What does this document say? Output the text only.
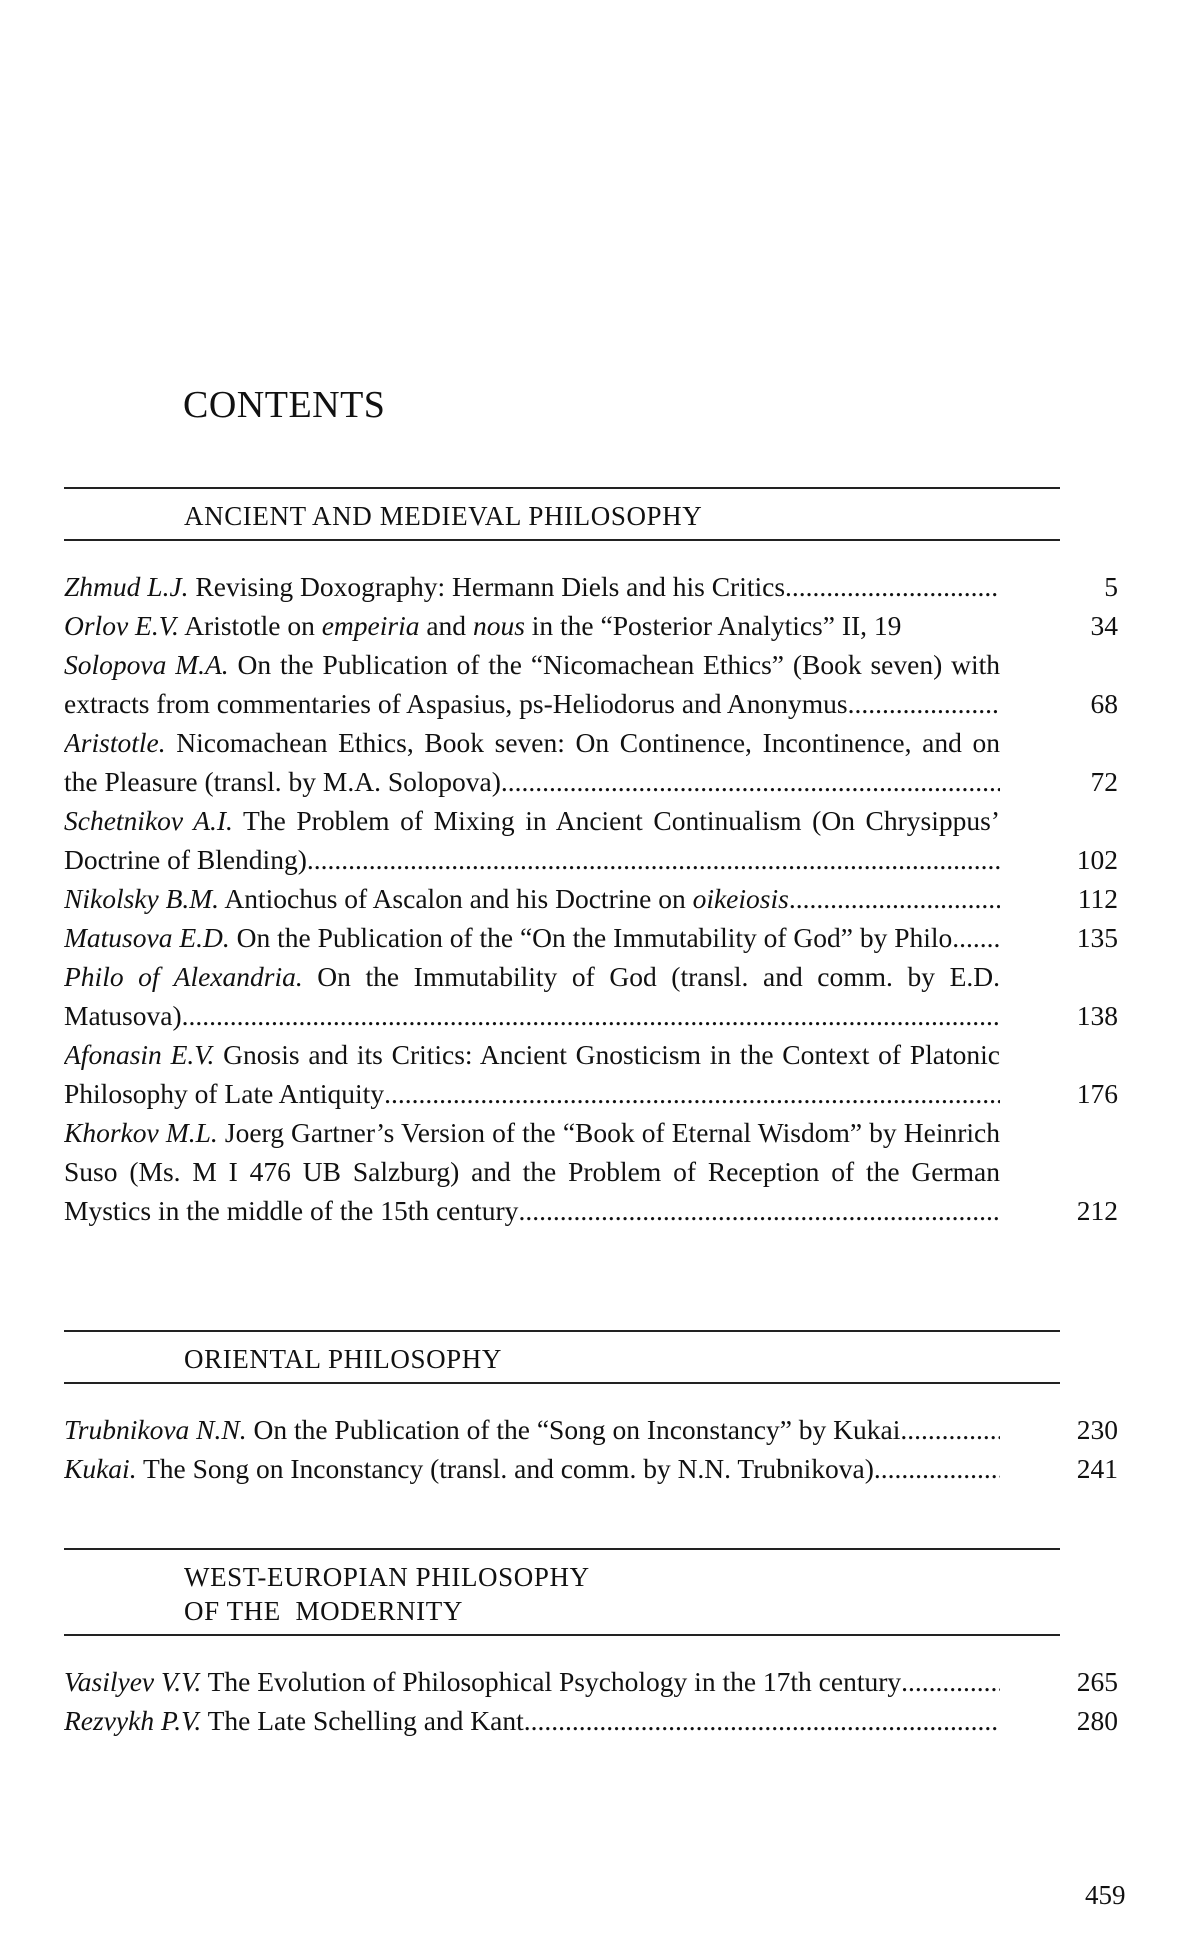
CONTENTS
ANCIENT AND MEDIEVAL PHILOSOPHY
Zhmud L.J. Revising Doxography: Hermann Diels and his Critics .....	5
Orlov E.V. Aristotle on empeiria and nous in the “Posterior Analytics” II, 19	34
Solopova M.A. On the Publication of the “Nicomachean Ethics” (Book seven) with extracts from commentaries of Aspasius, ps-Heliodorus and Anonymus .....	68
Aristotle. Nicomachean Ethics, Book seven: On Continence, Incontinence, and on the Pleasure (transl. by M.A. Solopova) .....	72
Schetnikov A.I. The Problem of Mixing in Ancient Continualism (On Chrysippus’ Doctrine of Blending) .....	102
Nikolsky B.M. Antiochus of Ascalon and his Doctrine on oikeiosis .....	112
Matusova E.D. On the Publication of the “On the Immutability of God” by Philo .....	135
Philo of Alexandria. On the Immutability of God (transl. and comm. by E.D. Matusova) .....	138
Afonasin E.V. Gnosis and its Critics: Ancient Gnosticism in the Context of Platonic Philosophy of Late Antiquity .....	176
Khorkov M.L. Joerg Gartner’s Version of the “Book of Eternal Wisdom” by Heinrich Suso (Ms. M I 476 UB Salzburg) and the Problem of Reception of the German Mystics in the middle of the 15th century .....	212
ORIENTAL PHILOSOPHY
Trubnikova N.N. On the Publication of the “Song on Inconstancy” by Kukai .....	230
Kukai. The Song on Inconstancy (transl. and comm. by N.N. Trubnikova) .....	241
WEST-EUROPIAN PHILOSOPHY
OF THE  MODERNITY
Vasilyev V.V. The Evolution of Philosophical Psychology in the 17th century .....	265
Rezvykh P.V. The Late Schelling and Kant .....	280
459
